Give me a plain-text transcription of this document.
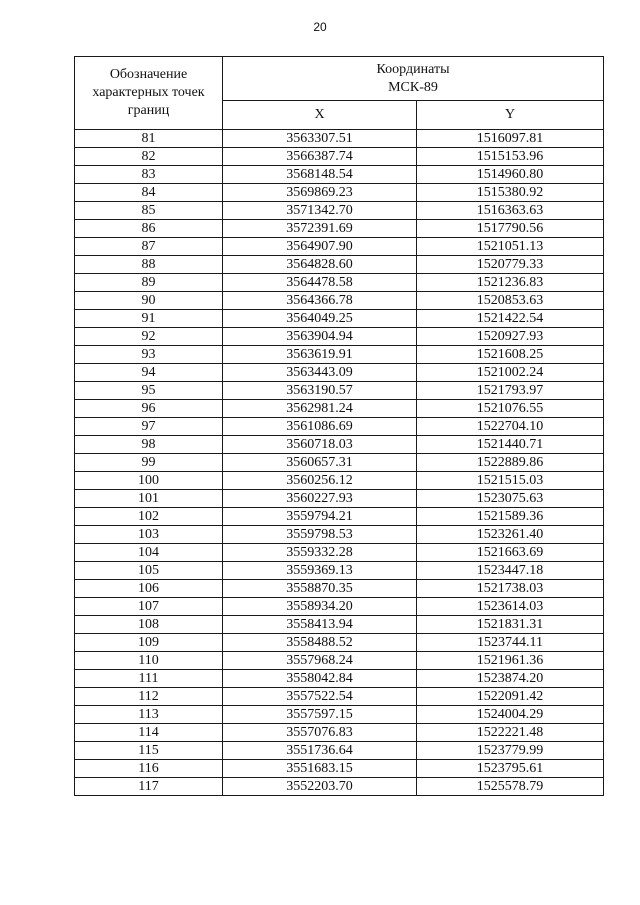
20
Обозначение характерных точек границ	Координаты
МСК-89	
	X	Y
81	3563307.51	1516097.81
82	3566387.74	1515153.96
83	3568148.54	1514960.80
84	3569869.23	1515380.92
85	3571342.70	1516363.63
86	3572391.69	1517790.56
87	3564907.90	1521051.13
88	3564828.60	1520779.33
89	3564478.58	1521236.83
90	3564366.78	1520853.63
91	3564049.25	1521422.54
92	3563904.94	1520927.93
93	3563619.91	1521608.25
94	3563443.09	1521002.24
95	3563190.57	1521793.97
96	3562981.24	1521076.55
97	3561086.69	1522704.10
98	3560718.03	1521440.71
99	3560657.31	1522889.86
100	3560256.12	1521515.03
101	3560227.93	1523075.63
102	3559794.21	1521589.36
103	3559798.53	1523261.40
104	3559332.28	1521663.69
105	3559369.13	1523447.18
106	3558870.35	1521738.03
107	3558934.20	1523614.03
108	3558413.94	1521831.31
109	3558488.52	1523744.11
110	3557968.24	1521961.36
111	3558042.84	1523874.20
112	3557522.54	1522091.42
113	3557597.15	1524004.29
114	3557076.83	1522221.48
115	3551736.64	1523779.99
116	3551683.15	1523795.61
117	3552203.70	1525578.79
